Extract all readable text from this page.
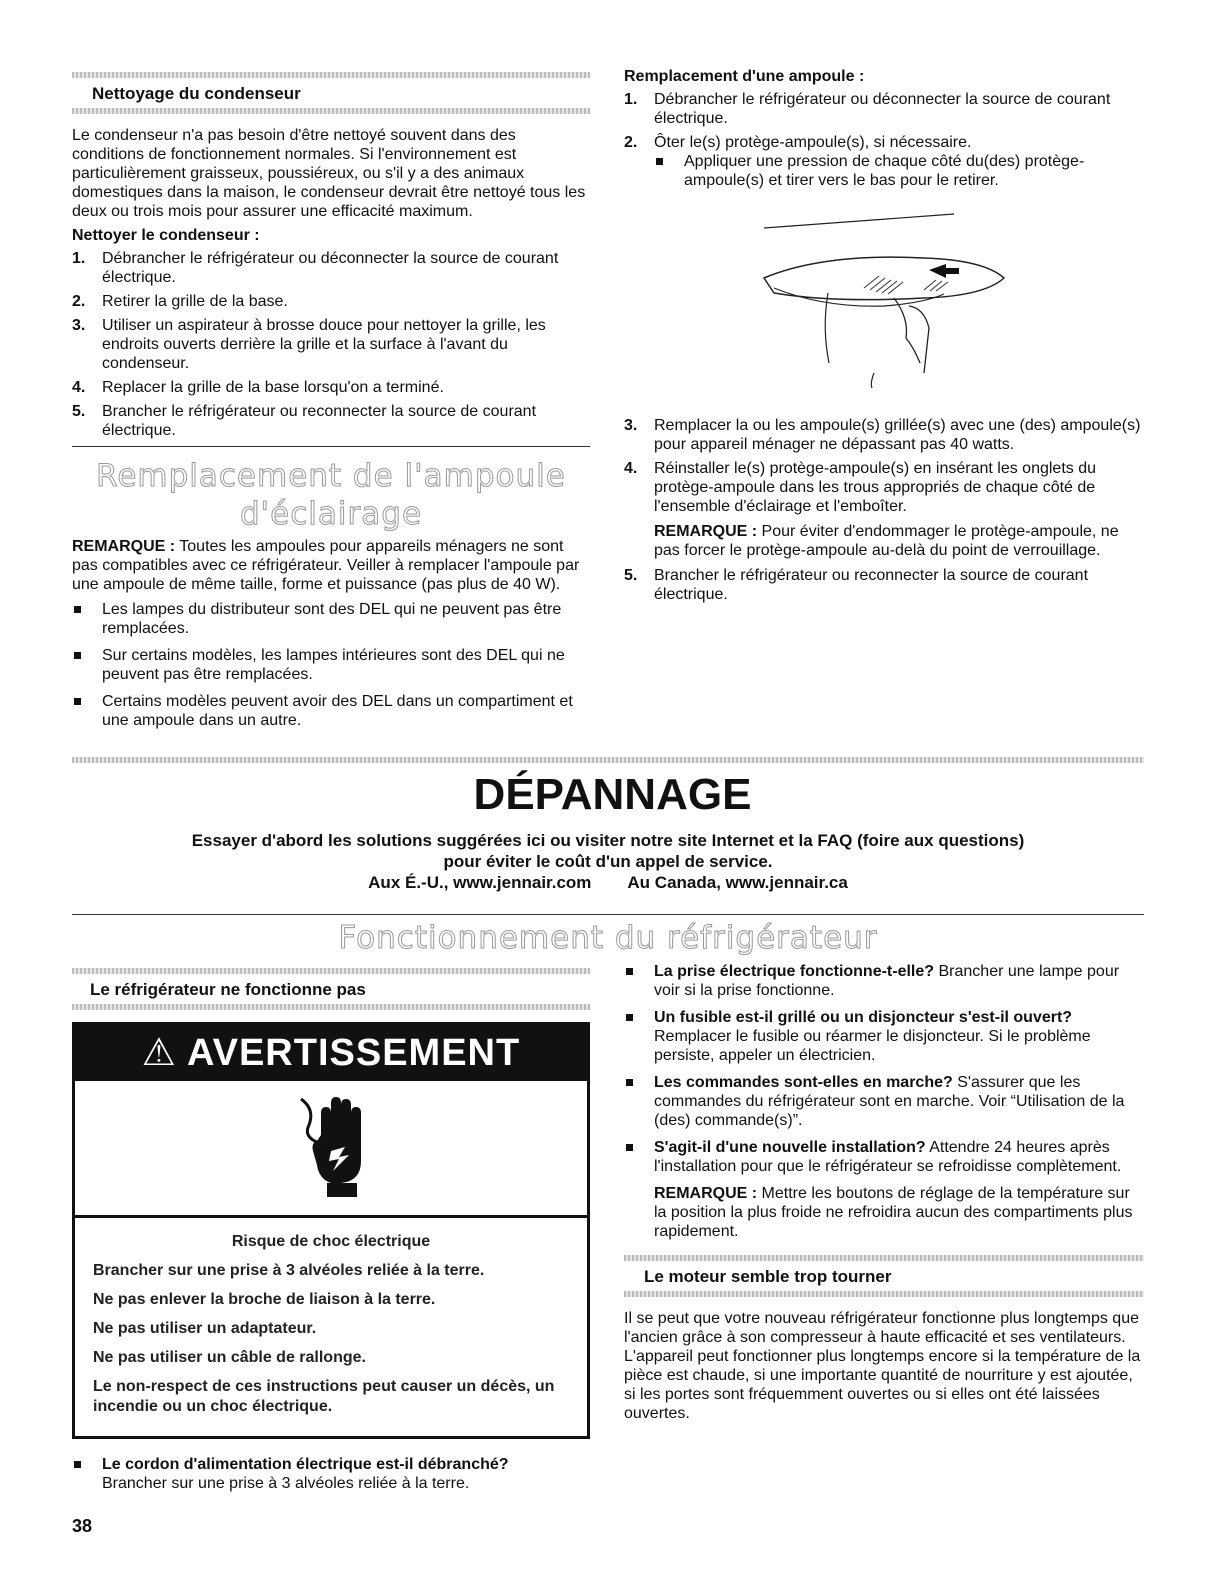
Nettoyage du condenseur

Le condenseur n'a pas besoin d'être nettoyé souvent dans des conditions de fonctionnement normales. Si l'environnement est particulièrement graisseux, poussiéreux, ou s'il y a des animaux domestiques dans la maison, le condenseur devrait être nettoyé tous les deux ou trois mois pour assurer une efficacité maximum.

Nettoyer le condenseur :
1. Débrancher le réfrigérateur ou déconnecter la source de courant électrique.
2. Retirer la grille de la base.
3. Utiliser un aspirateur à brosse douce pour nettoyer la grille, les endroits ouverts derrière la grille et la surface à l'avant du condenseur.
4. Replacer la grille de la base lorsqu'on a terminé.
5. Brancher le réfrigérateur ou reconnecter la source de courant électrique.
Remplacement de l'ampoule
d'éclairage

REMARQUE : Toutes les ampoules pour appareils ménagers ne sont pas compatibles avec ce réfrigérateur. Veiller à remplacer l'ampoule par une ampoule de même taille, forme et puissance (pas plus de 40 W).

Les lampes du distributeur sont des DEL qui ne peuvent pas être remplacées.
Sur certains modèles, les lampes intérieures sont des DEL qui ne peuvent pas être remplacées.
Certains modèles peuvent avoir des DEL dans un compartiment et une ampoule dans un autre.
Remplacement d'une ampoule :
1. Débrancher le réfrigérateur ou déconnecter la source de courant électrique.
2. Ôter le(s) protège-ampoule(s), si nécessaire.
Appliquer une pression de chaque côté du(des) protège-ampoule(s) et tirer vers le bas pour le retirer.
3. Remplacer la ou les ampoule(s) grillée(s) avec une (des) ampoule(s) pour appareil ménager ne dépassant pas 40 watts.
4. Réinstaller le(s) protège-ampoule(s) en insérant les onglets du protège-ampoule dans les trous appropriés de chaque côté de l'ensemble d'éclairage et l'emboîter.

REMARQUE : Pour éviter d'endommager le protège-ampoule, ne pas forcer le protège-ampoule au-delà du point de verrouillage.

5. Brancher le réfrigérateur ou reconnecter la source de courant électrique.
DÉPANNAGE
Essayer d'abord les solutions suggérées ici ou visiter notre site Internet et la FAQ (foire aux questions)
pour éviter le coût d'un appel de service.
Aux É.-U., www.jennair.com Au Canada, www.jennair.ca
Fonctionnement du réfrigérateur
Le réfrigérateur ne fonctionne pas
⚠ AVERTISSEMENT

Risque de choc électrique

Brancher sur une prise à 3 alvéoles reliée à la terre.

Ne pas enlever la broche de liaison à la terre.

Ne pas utiliser un adaptateur.

Ne pas utiliser un câble de rallonge.

Le non-respect de ces instructions peut causer un décès, un incendie ou un choc électrique.

Le cordon d'alimentation électrique est-il débranché?
Brancher sur une prise à 3 alvéoles reliée à la terre.
La prise électrique fonctionne-t-elle? Brancher une lampe pour voir si la prise fonctionne.
Un fusible est-il grillé ou un disjoncteur s'est-il ouvert? Remplacer le fusible ou réarmer le disjoncteur. Si le problème persiste, appeler un électricien.
Les commandes sont-elles en marche? S'assurer que les commandes du réfrigérateur sont en marche. Voir “Utilisation de la (des) commande(s)”.
S'agit-il d'une nouvelle installation? Attendre 24 heures après l'installation pour que le réfrigérateur se refroidisse complètement.

REMARQUE : Mettre les boutons de réglage de la température sur la position la plus froide ne refroidira aucun des compartiments plus rapidement.

Le moteur semble trop tourner

Il se peut que votre nouveau réfrigérateur fonctionne plus longtemps que l'ancien grâce à son compresseur à haute efficacité et ses ventilateurs. L'appareil peut fonctionner plus longtemps encore si la température de la pièce est chaude, si une importante quantité de nourriture y est ajoutée, si les portes sont fréquemment ouvertes ou si elles ont été laissées ouvertes.

38
